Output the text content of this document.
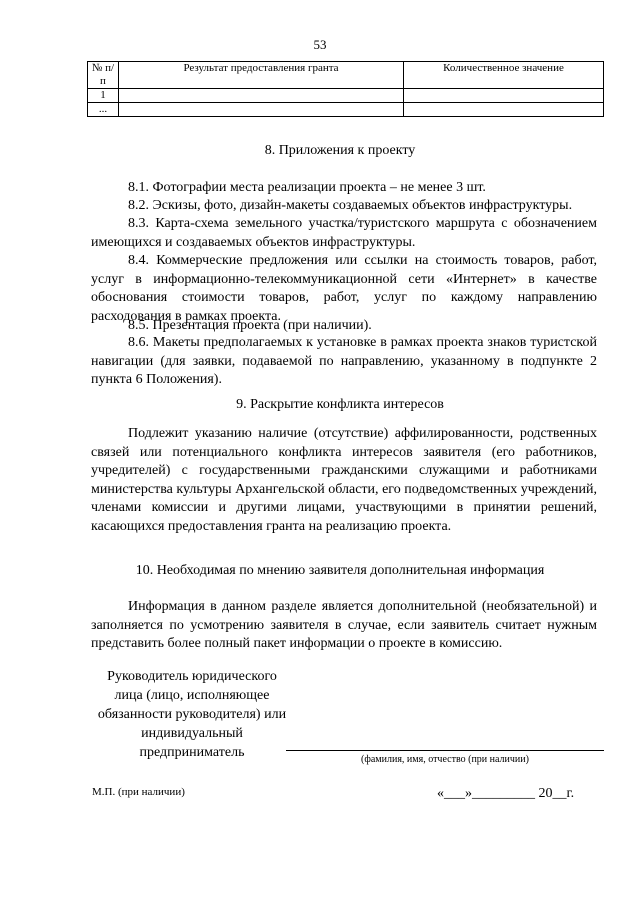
53
№ п/п	Результат предоставления гранта	Количественное значение
1		
...		
8. Приложения к проекту
8.1. Фотографии места реализации проекта – не менее 3 шт.
8.2. Эскизы, фото, дизайн-макеты создаваемых объектов инфраструктуры.
8.3. Карта-схема земельного участка/туристского маршрута с обозначением имеющихся и создаваемых объектов инфраструктуры.
8.4. Коммерческие предложения или ссылки на стоимость товаров, работ, услуг в информационно-телекоммуникационной сети «Интернет» в качестве обоснования стоимости товаров, работ, услуг по каждому направлению расходования в рамках проекта.
8.5. Презентация проекта (при наличии).
8.6. Макеты предполагаемых к установке в рамках проекта знаков туристской навигации (для заявки, подаваемой по направлению, указанному в подпункте 2 пункта 6 Положения).
9. Раскрытие конфликта интересов
Подлежит указанию наличие (отсутствие) аффилированности, родственных связей или потенциального конфликта интересов заявителя (его работников, учредителей) с государственными гражданскими служащими и работниками министерства культуры Архангельской области, его подведомственных учреждений, членами комиссии и другими лицами, участвующими в принятии решений, касающихся предоставления гранта на реализацию проекта.
10. Необходимая по мнению заявителя дополнительная информация
Информация в данном разделе является дополнительной (необязательной) и заполняется по усмотрению заявителя в случае, если заявитель считает нужным представить более полный пакет информации о проекте в комиссию.
Руководитель юридического лица (лицо, исполняющее обязанности руководителя) или индивидуальный предприниматель	(фамилия, имя, отчество (при наличии)
М.П. (при наличии)	«___»_________ 20__г.
